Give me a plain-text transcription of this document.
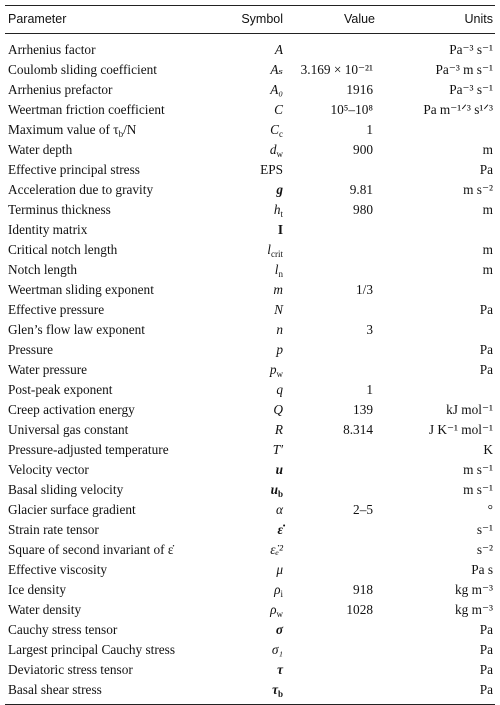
Parameter	Symbol	Value	Units
Arrhenius factor	A		Pa⁻³ s⁻¹
Coulomb sliding coefficient	Aₛ	3.169 × 10⁻²¹	Pa⁻³ m s⁻¹
Arrhenius prefactor	A₀	1916	Pa⁻³ s⁻¹
Weertman friction coefficient	C	10⁵–10⁸	Pa m⁻¹ᐟ³ s¹ᐟ³
Maximum value of $\tau_b/N$	$C_c$	1	
Water depth	$d_w$	900	m
Effective principal stress	EPS		Pa
Acceleration due to gravity	g	9.81	m s⁻²
Terminus thickness	$h_t$	980	m
Identity matrix	I		
Critical notch length	$l_{crit}$		m
Notch length	$l_n$		m
Weertman sliding exponent	m	1/3	
Effective pressure	N		Pa
Glen’s flow law exponent	n	3	
Pressure	p		Pa
Water pressure	$p_w$		Pa
Post-peak exponent	q	1	
Creep activation energy	Q	139	kJ mol⁻¹
Universal gas constant	R	8.314	J K⁻¹ mol⁻¹
Pressure-adjusted temperature	T′		K
Velocity vector	u		m s⁻¹
Basal sliding velocity	$u_b$		m s⁻¹
Glacier surface gradient	α	2–5	°
Strain rate tensor	ε̇		s⁻¹
Square of second invariant of ε̇	ε̇ₑ²		s⁻²
Effective viscosity	μ		Pa s
Ice density	$\rho_i$	918	kg m⁻³
Water density	$\rho_w$	1028	kg m⁻³
Cauchy stress tensor	σ		Pa
Largest principal Cauchy stress	σ₁		Pa
Deviatoric stress tensor	τ		Pa
Basal shear stress	$\tau_b$		Pa
